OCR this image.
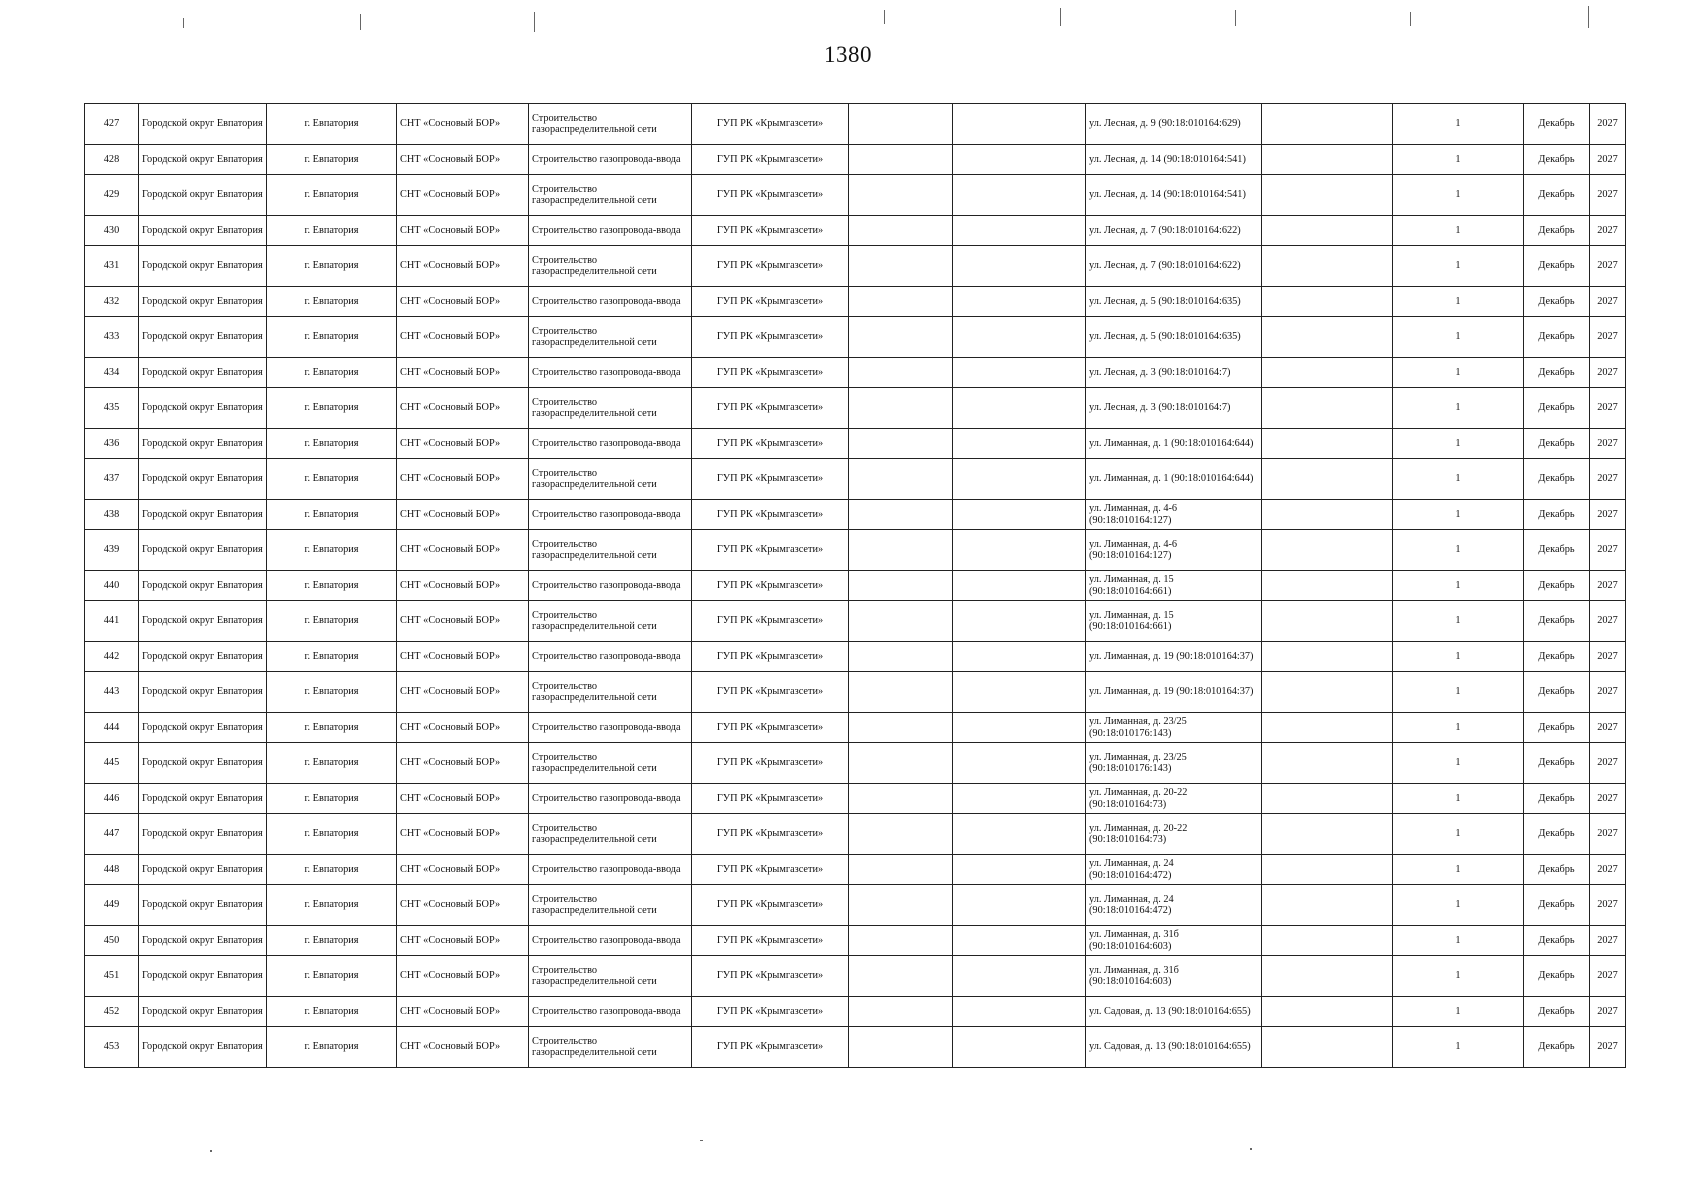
1380
427	Городской округ Евпатория	г. Евпатория	СНТ «Сосновый БОР»	Строительство газораспределительной сети	ГУП РК «Крымгазсети»			ул. Лесная, д. 9 (90:18:010164:629)		1	Декабрь	2027
428	Городской округ Евпатория	г. Евпатория	СНТ «Сосновый БОР»	Строительство газопровода-ввода	ГУП РК «Крымгазсети»			ул. Лесная, д. 14 (90:18:010164:541)		1	Декабрь	2027
429	Городской округ Евпатория	г. Евпатория	СНТ «Сосновый БОР»	Строительство газораспределительной сети	ГУП РК «Крымгазсети»			ул. Лесная, д. 14 (90:18:010164:541)		1	Декабрь	2027
430	Городской округ Евпатория	г. Евпатория	СНТ «Сосновый БОР»	Строительство газопровода-ввода	ГУП РК «Крымгазсети»			ул. Лесная, д. 7 (90:18:010164:622)		1	Декабрь	2027
431	Городской округ Евпатория	г. Евпатория	СНТ «Сосновый БОР»	Строительство газораспределительной сети	ГУП РК «Крымгазсети»			ул. Лесная, д. 7 (90:18:010164:622)		1	Декабрь	2027
432	Городской округ Евпатория	г. Евпатория	СНТ «Сосновый БОР»	Строительство газопровода-ввода	ГУП РК «Крымгазсети»			ул. Лесная, д. 5 (90:18:010164:635)		1	Декабрь	2027
433	Городской округ Евпатория	г. Евпатория	СНТ «Сосновый БОР»	Строительство газораспределительной сети	ГУП РК «Крымгазсети»			ул. Лесная, д. 5 (90:18:010164:635)		1	Декабрь	2027
434	Городской округ Евпатория	г. Евпатория	СНТ «Сосновый БОР»	Строительство газопровода-ввода	ГУП РК «Крымгазсети»			ул. Лесная, д. 3 (90:18:010164:7)		1	Декабрь	2027
435	Городской округ Евпатория	г. Евпатория	СНТ «Сосновый БОР»	Строительство газораспределительной сети	ГУП РК «Крымгазсети»			ул. Лесная, д. 3 (90:18:010164:7)		1	Декабрь	2027
436	Городской округ Евпатория	г. Евпатория	СНТ «Сосновый БОР»	Строительство газопровода-ввода	ГУП РК «Крымгазсети»			ул. Лиманная, д. 1 (90:18:010164:644)		1	Декабрь	2027
437	Городской округ Евпатория	г. Евпатория	СНТ «Сосновый БОР»	Строительство газораспределительной сети	ГУП РК «Крымгазсети»			ул. Лиманная, д. 1 (90:18:010164:644)		1	Декабрь	2027
438	Городской округ Евпатория	г. Евпатория	СНТ «Сосновый БОР»	Строительство газопровода-ввода	ГУП РК «Крымгазсети»			ул. Лиманная, д. 4-6 (90:18:010164:127)		1	Декабрь	2027
439	Городской округ Евпатория	г. Евпатория	СНТ «Сосновый БОР»	Строительство газораспределительной сети	ГУП РК «Крымгазсети»			ул. Лиманная, д. 4-6 (90:18:010164:127)		1	Декабрь	2027
440	Городской округ Евпатория	г. Евпатория	СНТ «Сосновый БОР»	Строительство газопровода-ввода	ГУП РК «Крымгазсети»			ул. Лиманная, д. 15 (90:18:010164:661)		1	Декабрь	2027
441	Городской округ Евпатория	г. Евпатория	СНТ «Сосновый БОР»	Строительство газораспределительной сети	ГУП РК «Крымгазсети»			ул. Лиманная, д. 15 (90:18:010164:661)		1	Декабрь	2027
442	Городской округ Евпатория	г. Евпатория	СНТ «Сосновый БОР»	Строительство газопровода-ввода	ГУП РК «Крымгазсети»			ул. Лиманная, д. 19 (90:18:010164:37)		1	Декабрь	2027
443	Городской округ Евпатория	г. Евпатория	СНТ «Сосновый БОР»	Строительство газораспределительной сети	ГУП РК «Крымгазсети»			ул. Лиманная, д. 19 (90:18:010164:37)		1	Декабрь	2027
444	Городской округ Евпатория	г. Евпатория	СНТ «Сосновый БОР»	Строительство газопровода-ввода	ГУП РК «Крымгазсети»			ул. Лиманная, д. 23/25 (90:18:010176:143)		1	Декабрь	2027
445	Городской округ Евпатория	г. Евпатория	СНТ «Сосновый БОР»	Строительство газораспределительной сети	ГУП РК «Крымгазсети»			ул. Лиманная, д. 23/25 (90:18:010176:143)		1	Декабрь	2027
446	Городской округ Евпатория	г. Евпатория	СНТ «Сосновый БОР»	Строительство газопровода-ввода	ГУП РК «Крымгазсети»			ул. Лиманная, д. 20-22 (90:18:010164:73)		1	Декабрь	2027
447	Городской округ Евпатория	г. Евпатория	СНТ «Сосновый БОР»	Строительство газораспределительной сети	ГУП РК «Крымгазсети»			ул. Лиманная, д. 20-22 (90:18:010164:73)		1	Декабрь	2027
448	Городской округ Евпатория	г. Евпатория	СНТ «Сосновый БОР»	Строительство газопровода-ввода	ГУП РК «Крымгазсети»			ул. Лиманная, д. 24 (90:18:010164:472)		1	Декабрь	2027
449	Городской округ Евпатория	г. Евпатория	СНТ «Сосновый БОР»	Строительство газораспределительной сети	ГУП РК «Крымгазсети»			ул. Лиманная, д. 24 (90:18:010164:472)		1	Декабрь	2027
450	Городской округ Евпатория	г. Евпатория	СНТ «Сосновый БОР»	Строительство газопровода-ввода	ГУП РК «Крымгазсети»			ул. Лиманная, д. 31б (90:18:010164:603)		1	Декабрь	2027
451	Городской округ Евпатория	г. Евпатория	СНТ «Сосновый БОР»	Строительство газораспределительной сети	ГУП РК «Крымгазсети»			ул. Лиманная, д. 31б (90:18:010164:603)		1	Декабрь	2027
452	Городской округ Евпатория	г. Евпатория	СНТ «Сосновый БОР»	Строительство газопровода-ввода	ГУП РК «Крымгазсети»			ул. Садовая, д. 13 (90:18:010164:655)		1	Декабрь	2027
453	Городской округ Евпатория	г. Евпатория	СНТ «Сосновый БОР»	Строительство газораспределительной сети	ГУП РК «Крымгазсети»			ул. Садовая, д. 13 (90:18:010164:655)		1	Декабрь	2027
